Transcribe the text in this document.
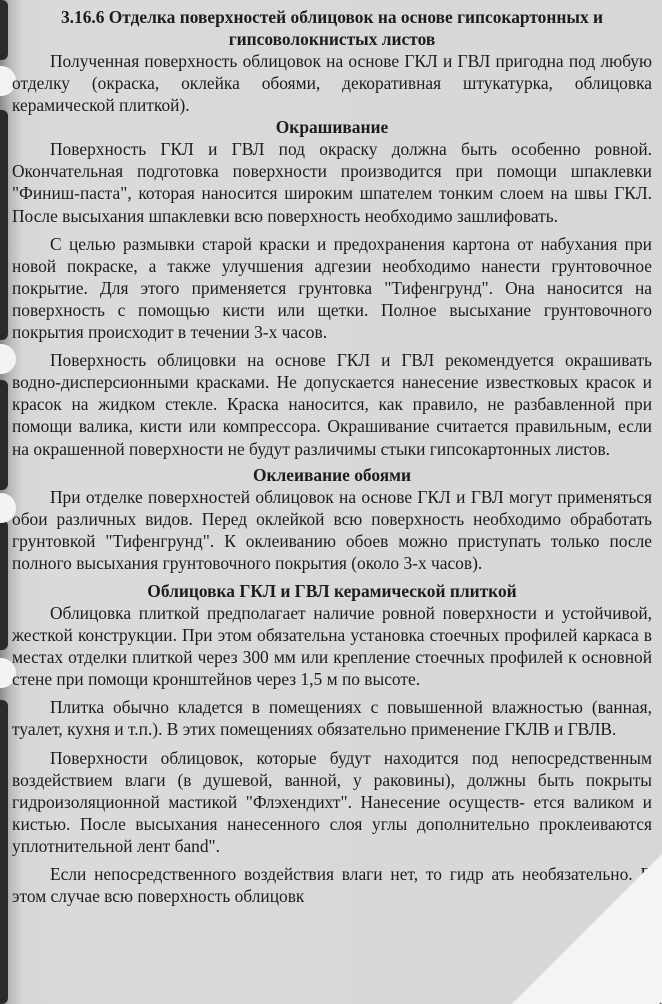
3.16.6 Отделка поверхностей облицовок на основе гипсокартонных и гипсоволокнистых листов

Полученная поверхность облицовок на основе ГКЛ и ГВЛ пригодна под любую отделку (окраска, оклейка обоями, декоративная штукатурка, облицовка керамической плиткой).

Окрашивание

Поверхность ГКЛ и ГВЛ под окраску должна быть особенно ровной. Окончательная подготовка поверхности производится при помощи шпаклевки "Финиш-паста", которая наносится широким шпателем тонким слоем на швы ГКЛ. После высыхания шпаклевки всю поверхность необходимо зашлифовать.

С целью размывки старой краски и предохранения картона от набухания при новой покраске, а также улучшения адгезии необходимо нанести грунтовочное покрытие. Для этого применяется грунтовка "Тифенгрунд". Она наносится на поверхность с помощью кисти или щетки. Полное высыхание грунтовочного покрытия происходит в течении 3-х часов.

Поверхность облицовки на основе ГКЛ и ГВЛ рекомендуется окрашивать водно-дисперсионными красками. Не допускается нанесение известковых красок и красок на жидком стекле. Краска наносится, как правило, не разбавленной при помощи валика, кисти или компрессора. Окрашивание считается правильным, если на окрашенной поверхности не будут различимы стыки гипсокартонных листов.

Оклеивание обоями

При отделке поверхностей облицовок на основе ГКЛ и ГВЛ могут применяться обои различных видов. Перед оклейкой всю поверхность необходимо обработать грунтовкой "Тифенгрунд". К оклеиванию обоев можно приступать только после полного высыхания грунтовочного покрытия (около 3-х часов).

Облицовка ГКЛ и ГВЛ керамической плиткой

Облицовка плиткой предполагает наличие ровной поверхности и устойчивой, жесткой конструкции. При этом обязательна установка стоечных профилей каркаса в местах отделки плиткой через 300 мм или крепление стоечных профилей к основной стене при помощи кронштейнов через 1,5 м по высоте.

Плитка обычно кладется в помещениях с повышенной влажностью (ванная, туалет, кухня и т.п.). В этих помещениях обязательно применение ГКЛВ и ГВЛВ.

Поверхности облицовок, которые будут находится под непосредственным воздействием влаги (в душевой, ванной, у раковины), должны быть покрыты гидроизоляционной мастикой "Флэхендихт". Нанесение осуществ- ется валиком и кистью. После высыхания нанесенного слоя углы дополнительно проклеиваются уплотнительной лент бand".

Если непосредственного воздействия влаги нет, то гидр ать необязательно. В этом случае всю поверхность облицовк
